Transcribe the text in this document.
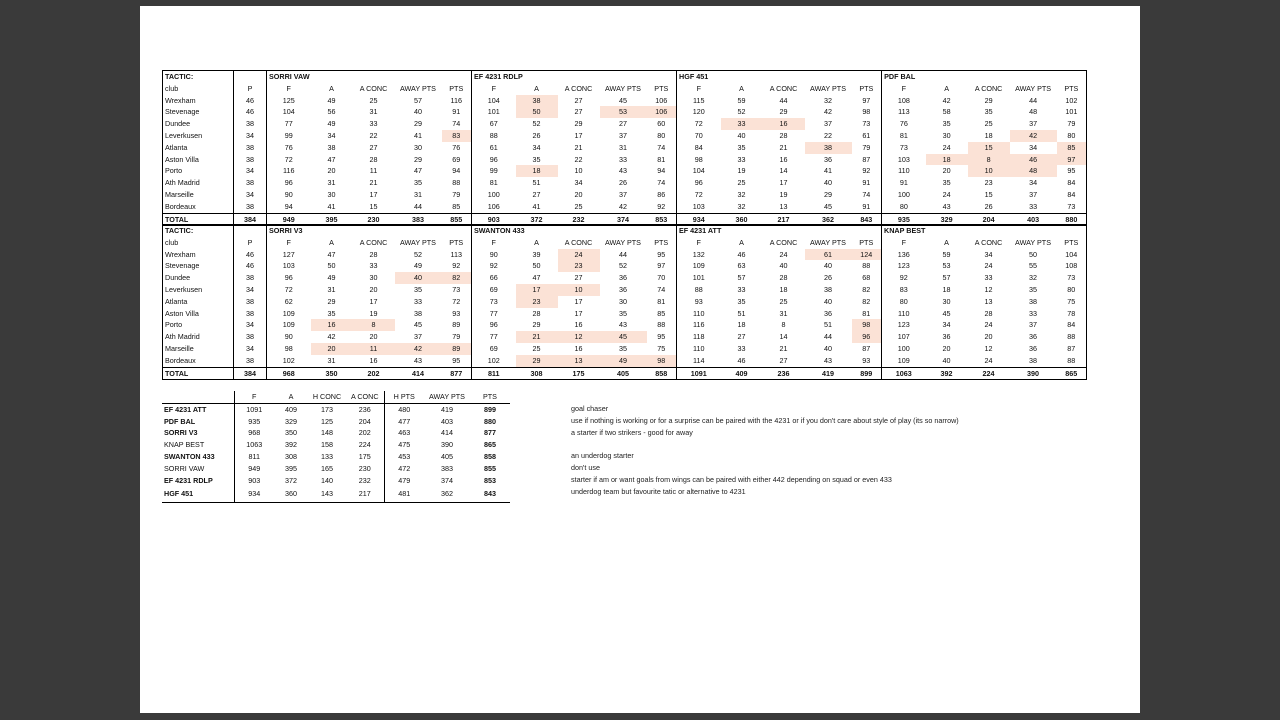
TACTIC:		SORRI VAW					EF 4231 RDLP					HGF 451					PDF BAL				
club	P	F	A	A CONC	AWAY PTS	PTS	F	A	A CONC	AWAY PTS	PTS	F	A	A CONC	AWAY PTS	PTS	F	A	A CONC	AWAY PTS	PTS
Wrexham	46	125	49	25	57	116	104	38	27	45	106	115	59	44	32	97	108	42	29	44	102
Stevenage	46	104	56	31	40	91	101	50	27	53	106	120	52	29	42	98	113	58	35	48	101
Dundee	38	77	49	33	29	74	67	52	29	27	60	72	33	16	37	73	76	35	25	37	79
Leverkusen	34	99	34	22	41	83	88	26	17	37	80	70	40	28	22	61	81	30	18	42	80
Atlanta	38	76	38	27	30	76	61	34	21	31	74	84	35	21	38	79	73	24	15	34	85
Aston Villa	38	72	47	28	29	69	96	35	22	33	81	98	33	16	36	87	103	18	8	46	97
Porto	34	116	20	11	47	94	99	18	10	43	94	104	19	14	41	92	110	20	10	48	95
Ath Madrid	38	96	31	21	35	88	81	51	34	26	74	96	25	17	40	91	91	35	23	34	84
Marseille	34	90	30	17	31	79	100	27	20	37	86	72	32	19	29	74	100	24	15	37	84
Bordeaux	38	94	41	15	44	85	106	41	25	42	92	103	32	13	45	91	80	43	26	33	73
TOTAL	384	949	395	230	383	855	903	372	232	374	853	934	360	217	362	843	935	329	204	403	880
TACTIC:		SORRI V3					SWANTON 433					EF 4231 ATT					KNAP BEST				
club	P	F	A	A CONC	AWAY PTS	PTS	F	A	A CONC	AWAY PTS	PTS	F	A	A CONC	AWAY PTS	PTS	F	A	A CONC	AWAY PTS	PTS
Wrexham	46	127	47	28	52	113	90	39	24	44	95	132	46	24	61	124	136	59	34	50	104
Stevenage	46	103	50	33	49	92	92	50	23	52	97	109	63	40	40	88	123	53	24	55	108
Dundee	38	96	49	30	40	82	66	47	27	36	70	101	57	28	26	68	92	57	33	32	73
Leverkusen	34	72	31	20	35	73	69	17	10	36	74	88	33	18	38	82	83	18	12	35	80
Atlanta	38	62	29	17	33	72	73	23	17	30	81	93	35	25	40	82	80	30	13	38	75
Aston Villa	38	109	35	19	38	93	77	28	17	35	85	110	51	31	36	81	110	45	28	33	78
Porto	34	109	16	8	45	89	96	29	16	43	88	116	18	8	51	98	123	34	24	37	84
Ath Madrid	38	90	42	20	37	79	77	21	12	45	95	118	27	14	44	96	107	36	20	36	88
Marseille	34	98	20	11	42	89	69	25	16	35	75	110	33	21	40	87	100	20	12	36	87
Bordeaux	38	102	31	16	43	95	102	29	13	49	98	114	46	27	43	93	109	40	24	38	88
TOTAL	384	968	350	202	414	877	811	308	175	405	858	1091	409	236	419	899	1063	392	224	390	865
	F	A	H CONC	A CONC	H PTS	AWAY PTS	PTS
EF 4231 ATT	1091	409	173	236	480	419	899
PDF BAL	935	329	125	204	477	403	880
SORRI V3	968	350	148	202	463	414	877
KNAP BEST	1063	392	158	224	475	390	865
SWANTON 433	811	308	133	175	453	405	858
SORRI VAW	949	395	165	230	472	383	855
EF 4231 RDLP	903	372	140	232	479	374	853
HGF 451	934	360	143	217	481	362	843
goal chaser
use if nothing is working or for a surprise can be paired with the 4231 or if you don't care about style of play (its so narrow)
a starter if two strikers - good for away
an underdog starter
don't use
starter if am or want goals from wings can be paired with either 442 depending on squad or even 433
underdog team but favourite tatic or alternative to 4231
